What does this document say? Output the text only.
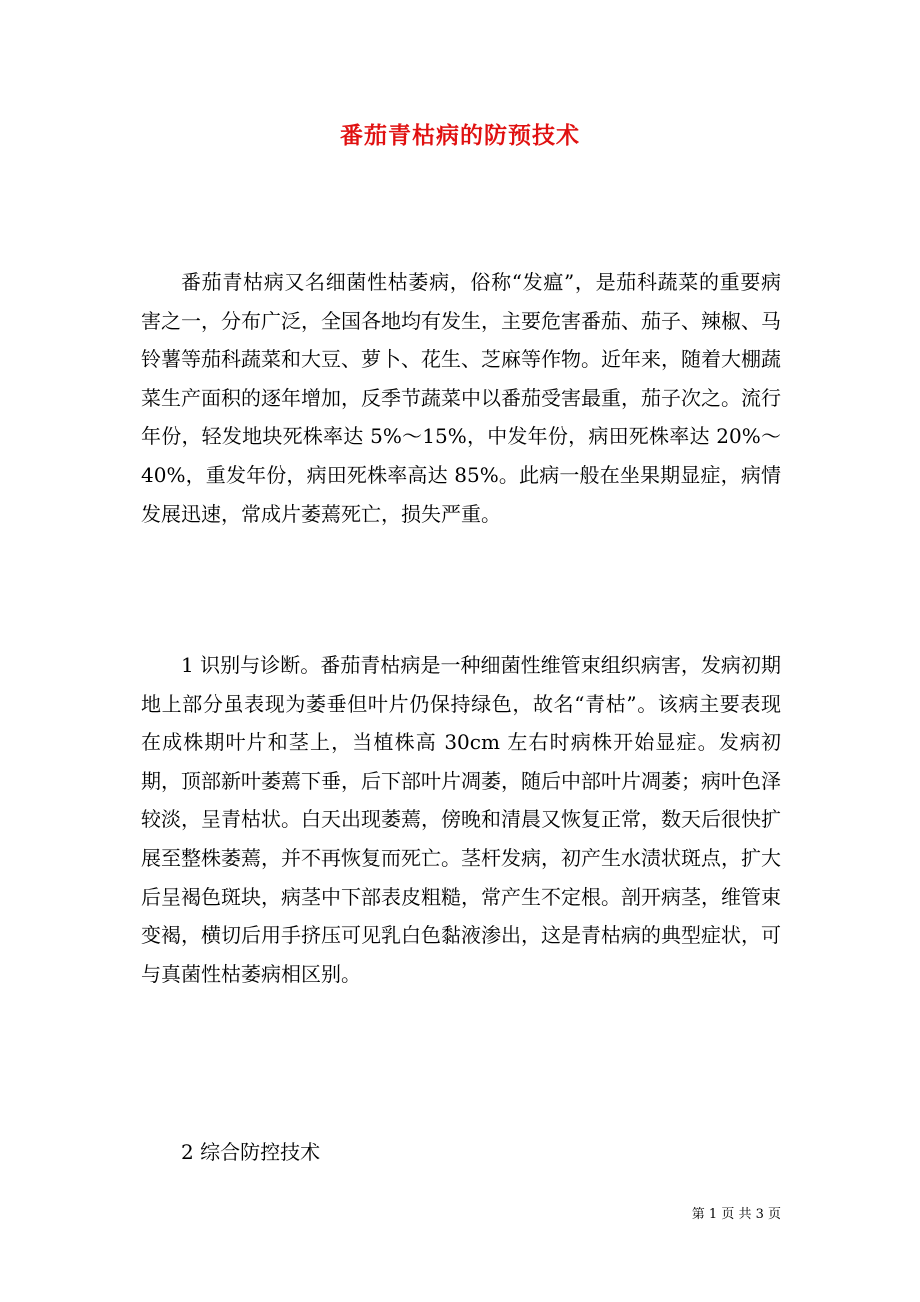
番茄青枯病的防预技术

番茄青枯病又名细菌性枯萎病，俗称“发瘟”，是茄科蔬菜的重要病害之一，分布广泛，全国各地均有发生，主要危害番茄、茄子、辣椒、马铃薯等茄科蔬菜和大豆、萝卜、花生、芝麻等作物。近年来，随着大棚蔬菜生产面积的逐年增加，反季节蔬菜中以番茄受害最重，茄子次之。流行年份，轻发地块死株率达 5%～15%，中发年份，病田死株率达 20%～40%，重发年份，病田死株率高达 85%。此病一般在坐果期显症，病情发展迅速，常成片萎蔫死亡，损失严重。

1 识别与诊断。番茄青枯病是一种细菌性维管束组织病害，发病初期地上部分虽表现为萎垂但叶片仍保持绿色，故名“青枯”。该病主要表现在成株期叶片和茎上，当植株高 30cm 左右时病株开始显症。发病初期，顶部新叶萎蔫下垂，后下部叶片凋萎，随后中部叶片凋萎；病叶色泽较淡，呈青枯状。白天出现萎蔫，傍晚和清晨又恢复正常，数天后很快扩展至整株萎蔫，并不再恢复而死亡。茎杆发病，初产生水渍状斑点，扩大后呈褐色斑块，病茎中下部表皮粗糙，常产生不定根。剖开病茎，维管束变褐，横切后用手挤压可见乳白色黏液渗出，这是青枯病的典型症状，可与真菌性枯萎病相区别。

2 综合防控技术

第 1 页 共 3 页
